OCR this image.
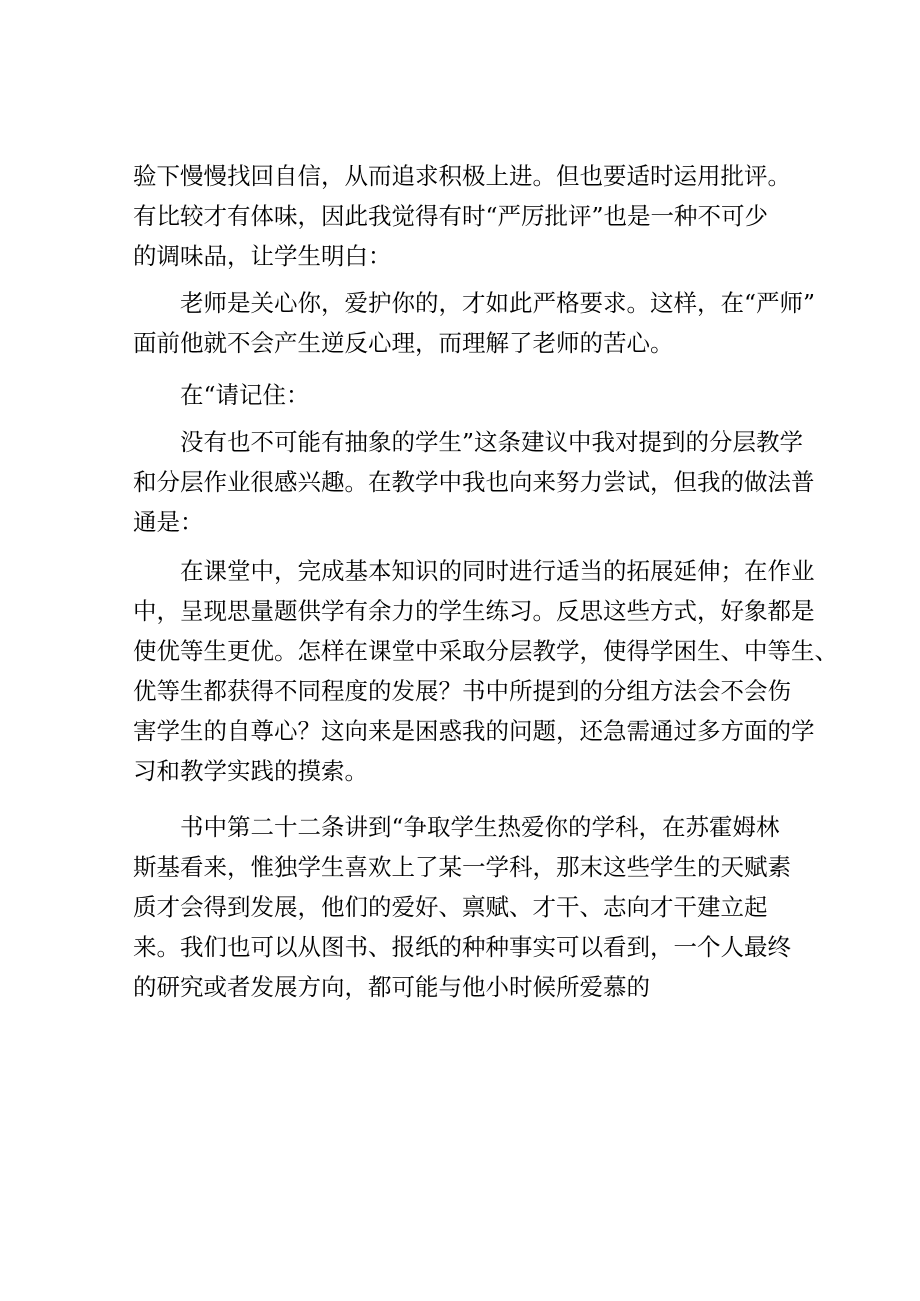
验下慢慢找回自信，从而追求积极上进。但也要适时运用批评。
有比较才有体味，因此我觉得有时“严厉批评”也是一种不可少
的调味品，让学生明白：
老师是关心你，爱护你的，才如此严格要求。这样，在“严师”
面前他就不会产生逆反心理，而理解了老师的苦心。
在“请记住：
没有也不可能有抽象的学生”这条建议中我对提到的分层教学
和分层作业很感兴趣。在教学中我也向来努力尝试，但我的做法普
通是：
在课堂中，完成基本知识的同时进行适当的拓展延伸；在作业
中，呈现思量题供学有余力的学生练习。反思这些方式，好象都是
使优等生更优。怎样在课堂中采取分层教学，使得学困生、中等生、
优等生都获得不同程度的发展？书中所提到的分组方法会不会伤
害学生的自尊心？这向来是困惑我的问题，还急需通过多方面的学
习和教学实践的摸索。
书中第二十二条讲到“争取学生热爱你的学科，在苏霍姆林
斯基看来，惟独学生喜欢上了某一学科，那末这些学生的天赋素
质才会得到发展，他们的爱好、禀赋、才干、志向才干建立起
来。我们也可以从图书、报纸的种种事实可以看到，一个人最终
的研究或者发展方向，都可能与他小时候所爱慕的
